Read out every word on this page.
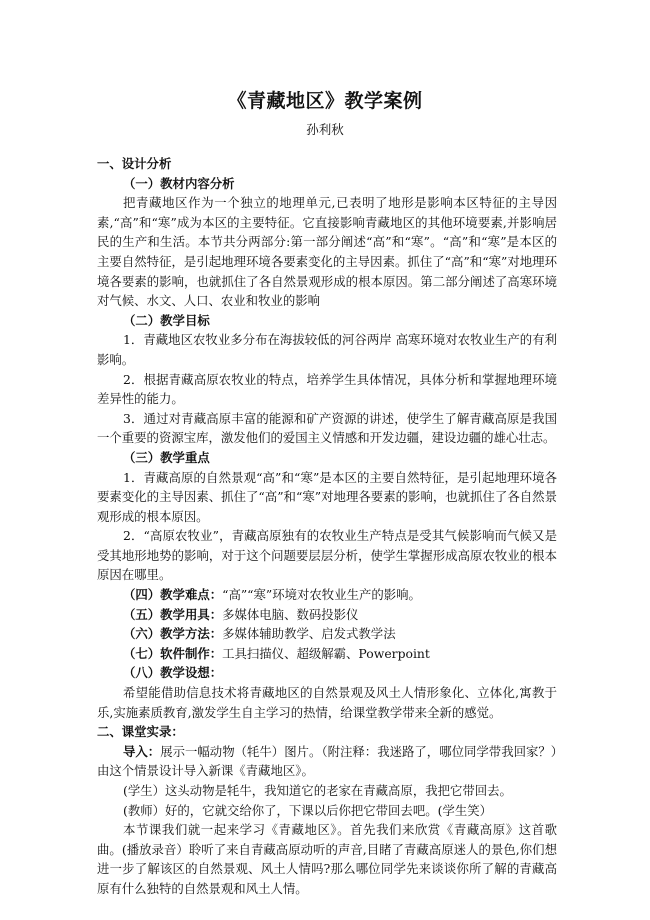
《青藏地区》教学案例
孙利秋

一、设计分析

（一）教材内容分析

把青藏地区作为一个独立的地理单元,已表明了地形是影响本区特征的主导因素,“高”和“寒”成为本区的主要特征。它直接影响青藏地区的其他环境要素,并影响居民的生产和生活。本节共分两部分:第一部分阐述“高”和“寒”。“高”和“寒”是本区的主要自然特征，是引起地理环境各要素变化的主导因素。抓住了“高”和“寒”对地理环境各要素的影响，也就抓住了各自然景观形成的根本原因。第二部分阐述了高寒环境对气候、水文、人口、农业和牧业的影响

（二）教学目标

1．青藏地区农牧业多分布在海拔较低的河谷两岸 高寒环境对农牧业生产的有利影响。

2．根据青藏高原农牧业的特点，培养学生具体情况，具体分析和掌握地理环境差异性的能力。

3．通过对青藏高原丰富的能源和矿产资源的讲述，使学生了解青藏高原是我国一个重要的资源宝库，激发他们的爱国主义情感和开发边疆，建设边疆的雄心壮志。

（三）教学重点

1．青藏高原的自然景观“高”和“寒”是本区的主要自然特征，是引起地理环境各要素变化的主导因素、抓住了“高”和“寒”对地理各要素的影响，也就抓住了各自然景观形成的根本原因。

2．“高原农牧业”，青藏高原独有的农牧业生产特点是受其气候影响而气候又是受其地形地势的影响，对于这个问题要层层分析，使学生掌握形成高原农牧业的根本原因在哪里。

（四）教学难点：“高”“寒”环境对农牧业生产的影响。

（五）教学用具：多媒体电脑、数码投影仪

（六）教学方法：多媒体辅助教学、启发式教学法

（七）软件制作：工具扫描仪、超级解霸、Powerpoint

（八）教学设想：

希望能借助信息技术将青藏地区的自然景观及风土人情形象化、立体化,寓教于乐,实施素质教育,激发学生自主学习的热情，给课堂教学带来全新的感觉。

二、课堂实录：

导入：展示一幅动物（牦牛）图片。（附注释：我迷路了，哪位同学带我回家？）由这个情景设计导入新课《青藏地区》。

(学生）这头动物是牦牛，我知道它的老家在青藏高原，我把它带回去。

(教师）好的，它就交给你了，下课以后你把它带回去吧。(学生笑）

本节课我们就一起来学习《青藏地区》。首先我们来欣赏《青藏高原》这首歌曲。(播放录音）聆听了来自青藏高原动听的声音,目睹了青藏高原迷人的景色,你们想进一步了解该区的自然景观、风土人情吗?那么哪位同学先来谈谈你所了解的青藏高原有什么独特的自然景观和风土人情。
